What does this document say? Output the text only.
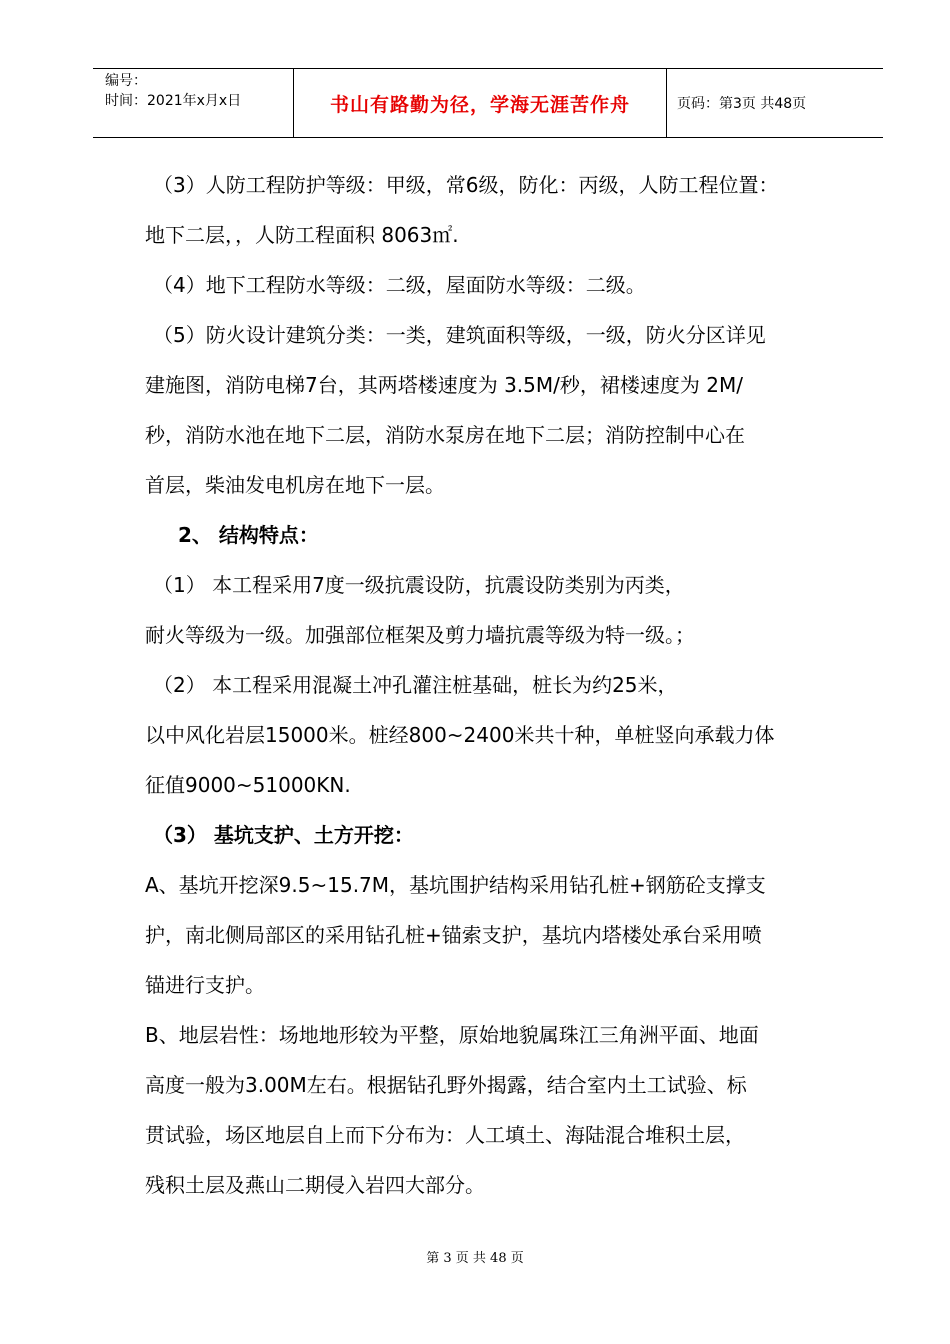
编号：
时间：2021年x月x日	书山有路勤为径，学海无涯苦作舟	页码：第3页 共48页
（3）人防工程防护等级：甲级，常6级，防化：丙级，人防工程位置：
地下二层，，人防工程面积 8063㎡.
（4）地下工程防水等级：二级，屋面防水等级：二级。
（5）防火设计建筑分类：一类，建筑面积等级，一级，防火分区详见
建施图，消防电梯7台，其两塔楼速度为 3.5M/秒，裙楼速度为 2M/
秒，消防水池在地下二层，消防水泵房在地下二层；消防控制中心在
首层，柴油发电机房在地下一层。
2、 结构特点：
（1） 本工程采用7度一级抗震设防，抗震设防类别为丙类，
耐火等级为一级。加强部位框架及剪力墙抗震等级为特一级。；
（2） 本工程采用混凝土冲孔灌注桩基础，桩长为约25米，
以中风化岩层15000米。桩经800~2400米共十种，单桩竖向承载力体
征值9000~51000KN.
（3） 基坑支护、土方开挖：
A、基坑开挖深9.5~15.7M，基坑围护结构采用钻孔桩+钢筋砼支撑支
护，南北侧局部区的采用钻孔桩+锚索支护，基坑内塔楼处承台采用喷
锚进行支护。
B、地层岩性：场地地形较为平整，原始地貌属珠江三角洲平面、地面
高度一般为3.00M左右。根据钻孔野外揭露，结合室内土工试验、标
贯试验，场区地层自上而下分布为：人工填土、海陆混合堆积土层，
残积土层及燕山二期侵入岩四大部分。
第 3 页 共 48 页
